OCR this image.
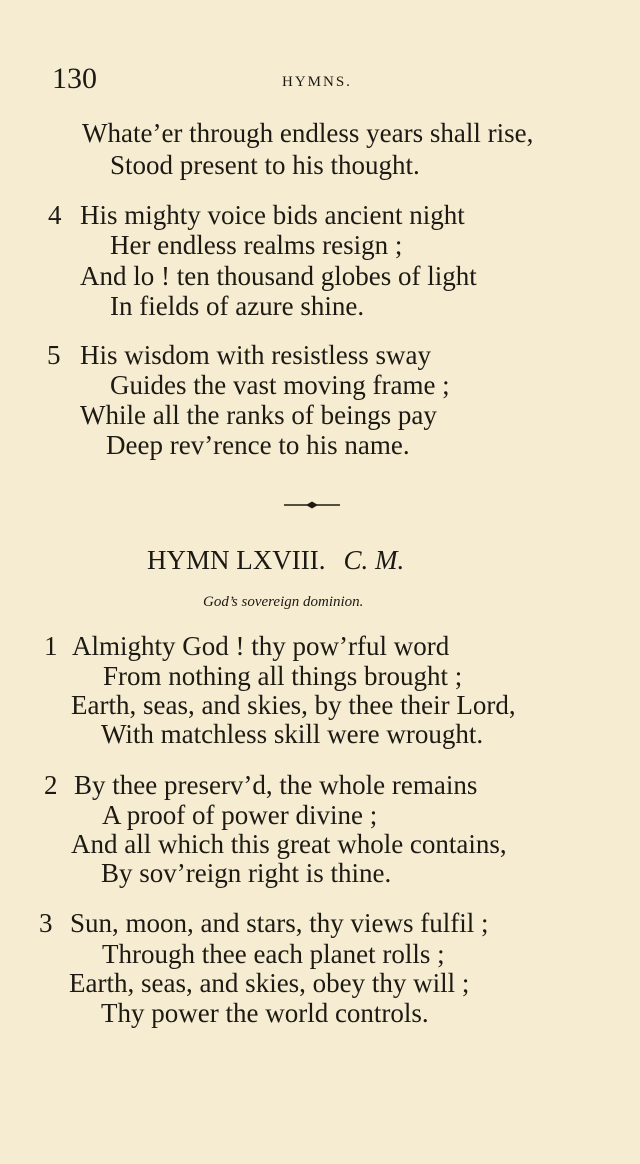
130	HYMNS.
Whate’er through endless years shall rise,
Stood present to his thought.
4 His mighty voice bids ancient night
Her endless realms resign ;
And lo ! ten thousand globes of light
In fields of azure shine.
5 His wisdom with resistless sway
Guides the vast moving frame ;
While all the ranks of beings pay
Deep rev’rence to his name.
HYMN LXVIII. C. M.
God’s sovereign dominion.
1 Almighty God ! thy pow’rful word
From nothing all things brought ;
Earth, seas, and skies, by thee their Lord,
With matchless skill were wrought.
2 By thee preserv’d, the whole remains
A proof of power divine ;
And all which this great whole contains,
By sov’reign right is thine.
3 Sun, moon, and stars, thy views fulfil ;
Through thee each planet rolls ;
Earth, seas, and skies, obey thy will ;
Thy power the world controls.
